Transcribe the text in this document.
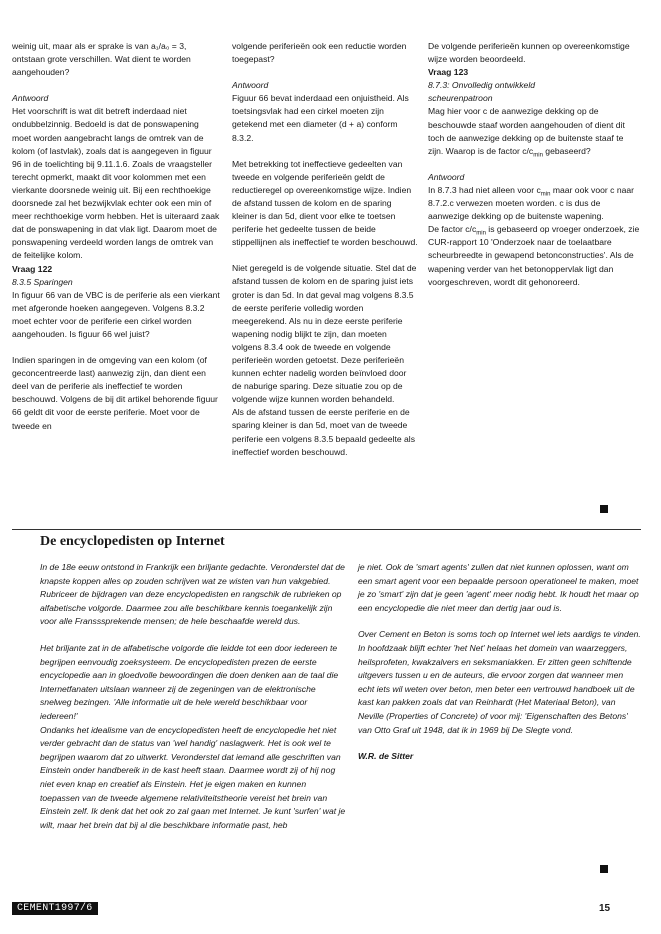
weinig uit, maar als er sprake is van a₁/a₀ = 3, ontstaan grote verschillen. Wat dient te worden aangehouden?

Antwoord

Het voorschrift is wat dit betreft inderdaad niet ondubbelzinnig. Bedoeld is dat de ponswapening moet worden aangebracht langs de omtrek van de kolom (of lastvlak), zoals dat is aangegeven in figuur 96 in de toelichting bij 9.11.1.6. Zoals de vraagsteller terecht opmerkt, maakt dit voor kolommen met een vierkante doorsnede weinig uit. Bij een rechthoekige doorsnede zal het bezwijkvlak echter ook een min of meer rechthoekige vorm hebben. Het is uiteraard zaak dat de ponswapening in dat vlak ligt. Daarom moet de ponswapening verdeeld worden langs de omtrek van de feitelijke kolom.

Vraag 122

8.3.5 Sparingen

In figuur 66 van de VBC is de periferie als een vierkant met afgeronde hoeken aangegeven. Volgens 8.3.2 moet echter voor de periferie een cirkel worden aangehouden. Is figuur 66 wel juist?

Indien sparingen in de omgeving van een kolom (of geconcentreerde last) aanwezig zijn, dan dient een deel van de periferie als ineffectief te worden beschouwd. Volgens de bij dit artikel behorende figuur 66 geldt dit voor de eerste periferie. Moet voor de tweede en

volgende periferieën ook een reductie worden toegepast?

Antwoord

Figuur 66 bevat inderdaad een onjuistheid. Als toetsingsvlak had een cirkel moeten zijn getekend met een diameter (d + a) conform 8.3.2.

Met betrekking tot ineffectieve gedeelten van tweede en volgende periferieën geldt de reductieregel op overeenkomstige wijze. Indien de afstand tussen de kolom en de sparing kleiner is dan 5d, dient voor elke te toetsen periferie het gedeelte tussen de beide stippellijnen als ineffectief te worden beschouwd.

Niet geregeld is de volgende situatie. Stel dat de afstand tussen de kolom en de sparing juist iets groter is dan 5d. In dat geval mag volgens 8.3.5 de eerste periferie volledig worden meegerekend. Als nu in deze eerste periferie wapening nodig blijkt te zijn, dan moeten volgens 8.3.4 ook de tweede en volgende periferieën worden getoetst. Deze periferieën kunnen echter nadelig worden beïnvloed door de naburige sparing. Deze situatie zou op de volgende wijze kunnen worden behandeld.

Als de afstand tussen de eerste periferie en de sparing kleiner is dan 5d, moet van de tweede periferie een volgens 8.3.5 bepaald gedeelte als ineffectief worden beschouwd.

De volgende periferieën kunnen op overeenkomstige wijze worden beoordeeld.

Vraag 123

8.7.3: Onvolledig ontwikkeld

scheurenpatroon

Mag hier voor c de aanwezige dekking op de beschouwde staaf worden aangehouden of dient dit toch de aanwezige dekking op de buitenste staaf te zijn. Waarop is de factor $c/c_{min}$ gebaseerd?

Antwoord

In 8.7.3 had niet alleen voor $c_{min}$ maar ook voor c naar 8.7.2.c verwezen moeten worden. c is dus de aanwezige dekking op de buitenste wapening.

De factor $c/c_{min}$ is gebaseerd op vroeger onderzoek, zie CUR-rapport 10 'Onderzoek naar de toelaatbare scheurbreedte in gewapend betonconstructies'. Als de wapening verder van het betonoppervlak ligt dan voorgeschreven, wordt dit gehonoreerd.

De encyclopedisten op Internet

In de 18e eeuw ontstond in Frankrijk een briljante gedachte. Veronderstel dat de knapste koppen alles op zouden schrijven wat ze wisten van hun vakgebied. Rubriceer de bijdragen van deze encyclopedisten en rangschik de rubrieken op alfabetische volgorde. Daarmee zou alle beschikbare kennis toegankelijk zijn voor alle Fransssprekende mensen; de hele beschaafde wereld dus.

Het briljante zat in de alfabetische volgorde die leidde tot een door iedereen te begrijpen eenvoudig zoeksysteem. De encyclopedisten prezen de eerste encyclopedie aan in gloedvolle bewoordingen die doen denken aan de taal die Internetfanaten uitslaan wanneer zij de zegeningen van de elektronische snelweg bezingen. 'Alle informatie uit de hele wereld beschikbaar voor iedereen!'

Ondanks het idealisme van de encyclopedisten heeft de encyclopedie het niet verder gebracht dan de status van 'wel handig' naslagwerk. Het is ook wel te begrijpen waarom dat zo uitwerkt. Veronderstel dat iemand alle geschriften van Einstein onder handbereik in de kast heeft staan. Daarmee wordt zij of hij nog niet even knap en creatief als Einstein. Het je eigen maken en kunnen toepassen van de tweede algemene relativiteitstheorie vereist het brein van Einstein zelf. Ik denk dat het ook zo zal gaan met Internet. Je kunt 'surfen' wat je wilt, maar het brein dat bij al die beschikbare informatie past, heb

je niet. Ook de 'smart agents' zullen dat niet kunnen oplossen, want om een smart agent voor een bepaalde persoon operationeel te maken, moet je zo 'smart' zijn dat je geen 'agent' meer nodig hebt. Ik houdt het maar op een encyclopedie die niet meer dan dertig jaar oud is.

Over Cement en Beton is soms toch op Internet wel iets aardigs te vinden. In hoofdzaak blijft echter 'het Net' helaas het domein van waarzeggers, heilsprofeten, kwakzalvers en seksmaniakken. Er zitten geen schiftende uitgevers tussen u en de auteurs, die ervoor zorgen dat wanneer men echt iets wil weten over beton, men beter een vertrouwd handboek uit de kast kan pakken zoals dat van Reinhardt (Het Materiaal Beton), van Neville (Properties of Concrete) of voor mij: 'Eigenschaften des Betons' van Otto Graf uit 1948, dat ik in 1969 bij De Slegte vond.

W.R. de Sitter

CEMENT1997/6	15
